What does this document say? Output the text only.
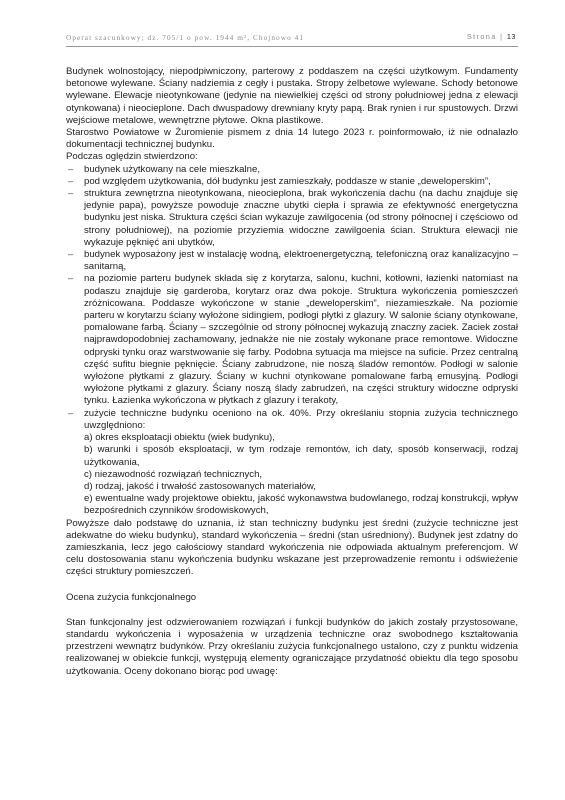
Operat szacunkowy; dz. 705/1 o pow. 1944 m², Chojnowo 41	Strona | 13

Budynek wolnostojący, niepodpiwniczony, parterowy z poddaszem na części użytkowym. Fundamenty betonowe wylewane. Ściany nadziemia z cegły i pustaka. Stropy żelbetowe wylewane. Schody betonowe wylewane. Elewacje nieotynkowane (jedynie na niewielkiej części od strony południowej jedna z elewacji otynkowana) i nieocieplone. Dach dwuspadowy drewniany kryty papą. Brak rynien i rur spustowych. Drzwi wejściowe metalowe, wewnętrzne płytowe. Okna plastikowe.

Starostwo Powiatowe w Żuromienie pismem z dnia 14 lutego 2023 r. poinformowało, iż nie odnalazło dokumentacji technicznej budynku.

Podczas oględzin stwierdzono:

– budynek użytkowany na cele mieszkalne,
– pod względem użytkowania, dół budynku jest zamieszkały, poddasze w stanie „deweloperskim”,
– struktura zewnętrzna nieotynkowana, nieocieplona, brak wykończenia dachu (na dachu znajduje się jedynie papa), powyższe powoduje znaczne ubytki ciepła i sprawia ze efektywność energetyczna budynku jest niska. Struktura części ścian wykazuje zawilgocenia (od strony północnej i częściowo od strony południowej), na poziomie przyziemia widoczne zawilgoenia ścian. Struktura elewacji nie wykazuje pęknięć ani ubytków,
– budynek wyposażony jest w instalację wodną, elektroenergetyczną, telefoniczną oraz kanalizacyjno – sanitarną,
– na poziomie parteru budynek składa się z korytarza, salonu, kuchni, kotłowni, łazienki natomiast na podaszu znajduje się garderoba, korytarz oraz dwa pokoje. Struktura wykończenia pomieszczeń zróżnicowana. Poddasze wykończone w stanie „deweloperskim”, niezamieszkałe. Na poziomie parteru w korytarzu ściany wyłożone sidingiem, podłogi płytki z glazury. W salonie ściany otynkowane, pomalowane farbą. Ściany – szczególnie od strony północnej wykazują znaczny zaciek. Zaciek został najprawdopodobniej zachamowany, jednakże nie nie zostały wykonane prace remontowe. Widoczne odpryski tynku oraz warstwowanie się farby. Podobna sytuacja ma miejsce na suficie. Przez centralną część sufitu biegnie pęknięcie. Ściany zabrudzone, nie noszą śladów remontów. Podłogi w salonie wyłożone płytkami z glazury. Ściany w kuchni otynkowane pomalowane farbą emusyjną. Podłogi wyłożone płytkami z glazury. Ściany noszą ślady zabrudzeń, na części struktury widoczne odpryski tynku. Łazienka wykończona w płytkach z glazury i terakoty,
– zużycie techniczne budynku oceniono na ok. 40%. Przy określaniu stopnia zużycia technicznego uwzględniono:
a) okres eksploatacji obiektu (wiek budynku),
b) warunki i sposób eksploatacji, w tym rodzaje remontów, ich daty, sposób konserwacji, rodzaj użytkowania,
c) niezawodność rozwiązań technicznych,
d) rodzaj, jakość i trwałość zastosowanych materiałów,
e) ewentualne wady projektowe obiektu, jakość wykonawstwa budowlanego, rodzaj konstrukcji, wpływ bezpośrednich czynników środowiskowych,

Powyższe dało podstawę do uznania, iż stan techniczny budynku jest średni (zużycie techniczne jest adekwatne do wieku budynku), standard wykończenia – średni (stan uśredniony). Budynek jest zdatny do zamieszkania, lecz jego całościowy standard wykończenia nie odpowiada aktualnym preferencjom. W celu dostosowania stanu wykończenia budynku wskazane jest przeprowadzenie remontu i odświeżenie części struktury pomieszczeń.

Ocena zużycia funkcjonalnego

Stan funkcjonalny jest odzwierowaniem rozwiązań i funkcji budynków do jakich zostały przystosowane, standardu wykończenia i wyposażenia w urządzenia techniczne oraz swobodnego kształtowania przestrzeni wewnątrz budynków. Przy określaniu zużycia funkcjonalnego ustalono, czy z punktu widzenia realizowanej w obiekcie funkcji, występują elementy ograniczające przydatność obiektu dla tego sposobu użytkowania. Oceny dokonano biorąc pod uwagę:
